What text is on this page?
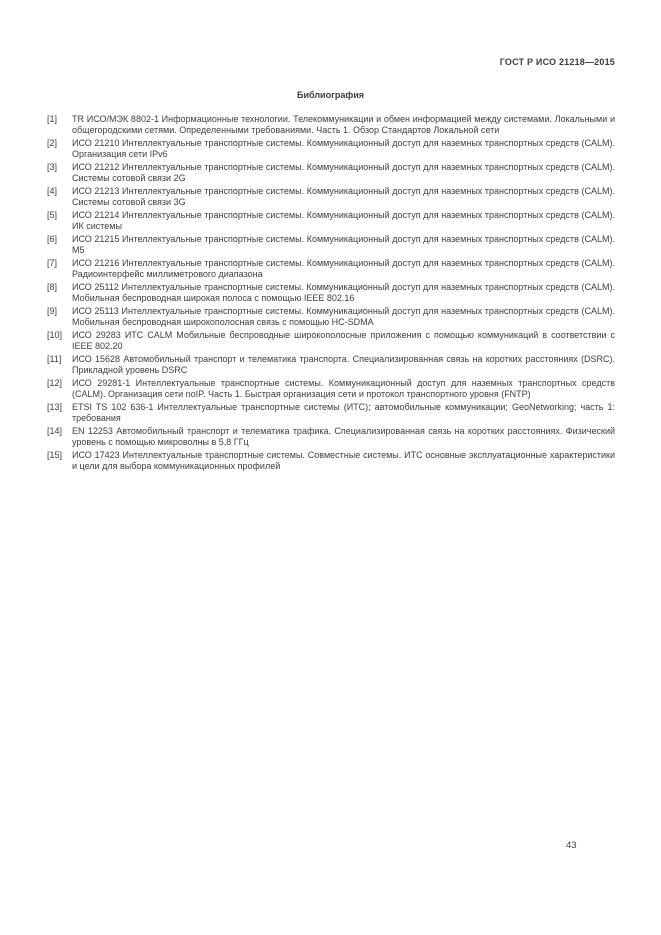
ГОСТ Р ИСО 21218—2015
Библиография
[1]	TR ИСО/МЭК 8802-1 Информационные технологии. Телекоммуникации и обмен информацией между системами. Локальными и общегородскими сетями. Определенными требованиями. Часть 1. Обзор Стандартов Локальной сети
[2]	ИСО 21210 Интеллектуальные транспортные системы. Коммуникационный доступ для наземных транспортных средств (CALM). Организация сети IPv6
[3]	ИСО 21212 Интеллектуальные транспортные системы. Коммуникационный доступ для наземных транспортных средств (CALM). Системы сотовой связи 2G
[4]	ИСО 21213 Интеллектуальные транспортные системы. Коммуникационный доступ для наземных транспортных средств (CALM). Системы сотовой связи 3G
[5]	ИСО 21214 Интеллектуальные транспортные системы. Коммуникационный доступ для наземных транспортных средств (CALM). ИК системы
[6]	ИСО 21215 Интеллектуальные транспортные системы. Коммуникационный доступ для наземных транспортных средств (CALM). M5
[7]	ИСО 21216 Интеллектуальные транспортные системы. Коммуникационный доступ для наземных транспортных средств (CALM). Радиоинтерфейс миллиметрового диапазона
[8]	ИСО 25112 Интеллектуальные транспортные системы. Коммуникационный доступ для наземных транспортных средств (CALM). Мобильная беспроводная широкая полоса с помощью IEEE 802.16
[9]	ИСО 25113 Интеллектуальные транспортные системы. Коммуникационный доступ для наземных транспортных средств (CALM). Мобильная беспроводная широкополосная связь с помощью HC-SDMA
[10]	ИСО 29283 ИТС CALM Мобильные беспроводные широкополосные приложения с помощью коммуникаций в соответствии с IEEE 802.20
[11]	ИСО 15628 Автомобильный транспорт и телематика транспорта. Специализированная связь на коротких расстояниях (DSRC). Прикладной уровень DSRC
[12]	ИСО 29281-1 Интеллектуальные транспортные системы. Коммуникационный доступ для наземных транспортных средств (CALM). Организация сети noIP. Часть 1. Быстрая организация сети и протокол транспортного уровня (FNTP)
[13]	ETSI TS 102 636-1 Интеллектуальные транспортные системы (ИТС); автомобильные коммуникации; GeoNetworking; часть 1: требования
[14]	EN 12253 Автомобильный транспорт и телематика трафика. Специализированная связь на коротких расстояниях. Физический уровень с помощью микроволны в 5,8 ГГц
[15]	ИСО 17423 Интеллектуальные транспортные системы. Совместные системы. ИТС основные эксплуатационные характеристики и цели для выбора коммуникационных профилей
43
